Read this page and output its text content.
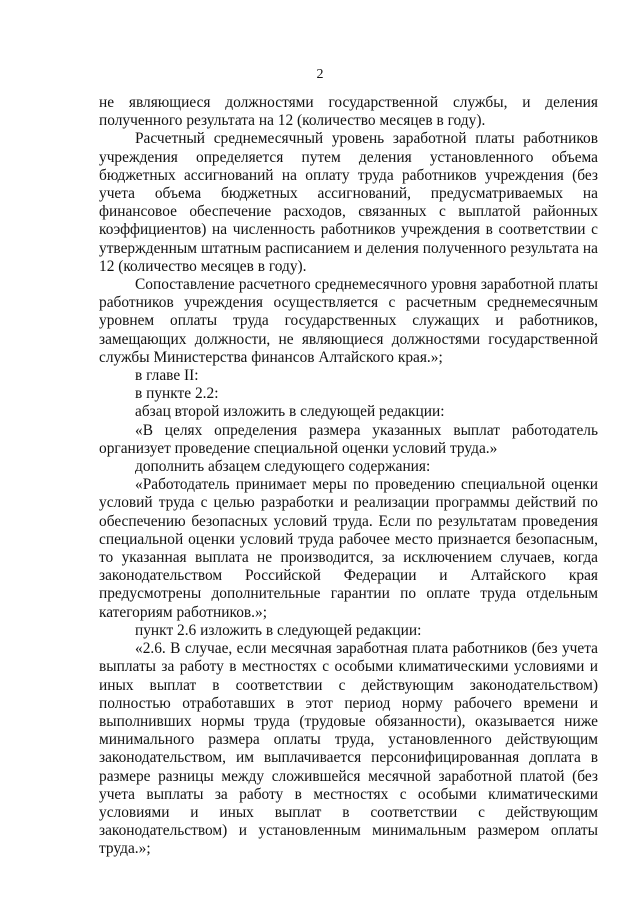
2

не являющиеся должностями государственной службы, и деления полученного результата на 12 (количество месяцев в году).

Расчетный среднемесячный уровень заработной платы работников учреждения определяется путем деления установленного объема бюджетных ассигнований на оплату труда работников учреждения (без учета объема бюджетных ассигнований, предусматриваемых на финансовое обеспечение расходов, связанных с выплатой районных коэффициентов) на численность работников учреждения в соответствии с утвержденным штатным расписанием и деления полученного результата на 12 (количество месяцев в году).

Сопоставление расчетного среднемесячного уровня заработной платы работников учреждения осуществляется с расчетным среднемесячным уровнем оплаты труда государственных служащих и работников, замещающих должности, не являющиеся должностями государственной службы Министерства финансов Алтайского края.»;

в главе II:

в пункте 2.2:

абзац второй изложить в следующей редакции:

«В целях определения размера указанных выплат работодатель организует проведение специальной оценки условий труда.»

дополнить абзацем следующего содержания:

«Работодатель принимает меры по проведению специальной оценки условий труда с целью разработки и реализации программы действий по обеспечению безопасных условий труда. Если по результатам проведения специальной оценки условий труда рабочее место признается безопасным, то указанная выплата не производится, за исключением случаев, когда законодательством Российской Федерации и Алтайского края предусмотрены дополнительные гарантии по оплате труда отдельным категориям работников.»;

пункт 2.6 изложить в следующей редакции:

«2.6. В случае, если месячная заработная плата работников (без учета выплаты за работу в местностях с особыми климатическими условиями и иных выплат в соответствии с действующим законодательством) полностью отработавших в этот период норму рабочего времени и выполнивших нормы труда (трудовые обязанности), оказывается ниже минимального размера оплаты труда, установленного действующим законодательством, им выплачивается персонифицированная доплата в размере разницы между сложившейся месячной заработной платой (без учета выплаты за работу в местностях с особыми климатическими условиями и иных выплат в соответствии с действующим законодательством) и установленным минимальным размером оплаты труда.»;
